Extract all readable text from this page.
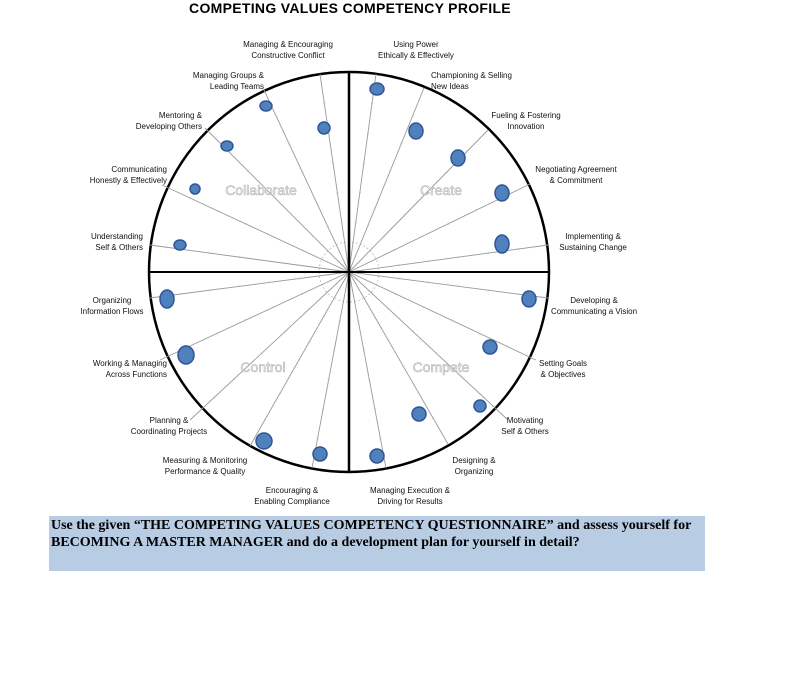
COMPETING VALUES COMPETENCY PROFILE
Collaborate	Create
Control	Compete
Managing & Encouraging
Constructive Conflict
Using Power
Ethically & Effectively
Managing Groups &
Leading Teams
Championing & Selling
New Ideas
Mentoring &
Developing Others
Fueling & Fostering
Innovation
Communicating
Honestly & Effectively
Negotiating Agreement
& Commitment
Understanding
Self & Others
Implementing &
Sustaining Change
Organizing
Information Flows
Developing &
Communicating a Vision
Working & Managing
Across Functions
Setting Goals
& Objectives
Planning &
Coordinating Projects
Motivating
Self & Others
Measuring & Monitoring
Performance & Quality
Designing &
Organizing
Encouraging &
Enabling Compliance
Managing Execution &
Driving for Results
Use the given “THE COMPETING VALUES COMPETENCY QUESTIONNAIRE” and assess yourself for BECOMING A MASTER MANAGER and do a development plan for yourself in detail?
